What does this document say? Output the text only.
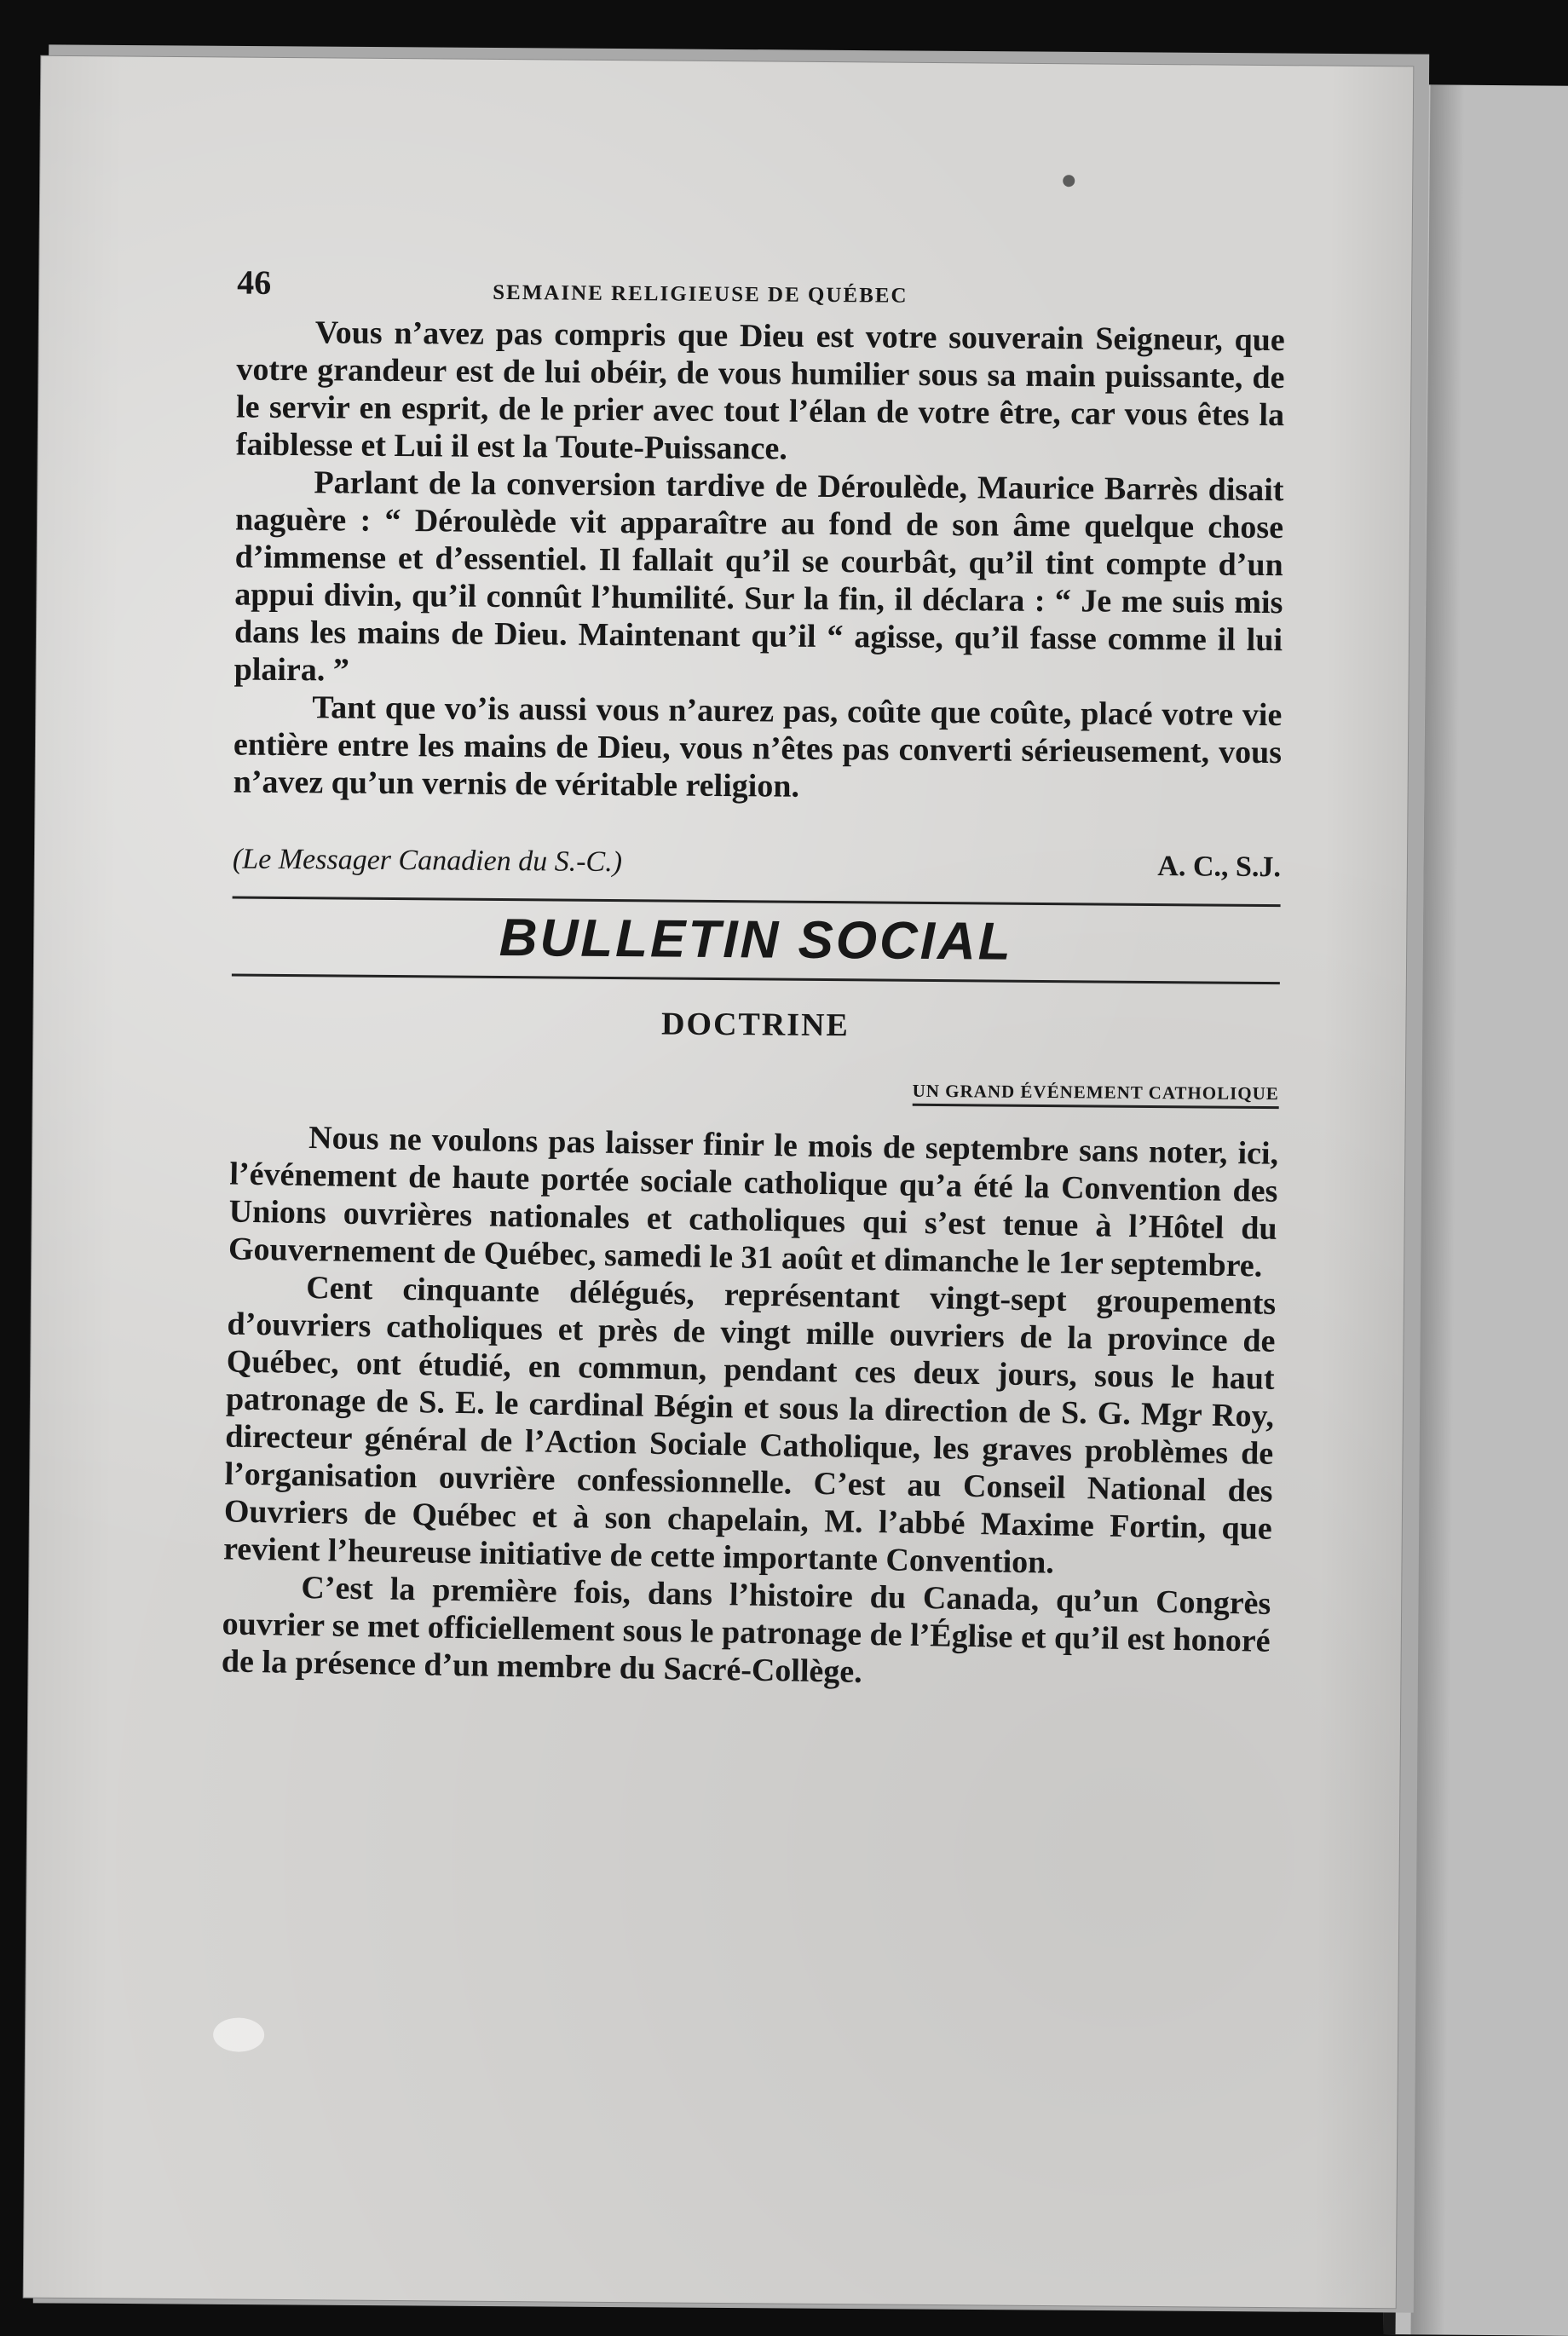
46	SEMAINE RELIGIEUSE DE QUÉBEC

Vous n’avez pas compris que Dieu est votre souverain Seigneur, que votre grandeur est de lui obéir, de vous humilier sous sa main puissante, de le servir en esprit, de le prier avec tout l’élan de votre être, car vous êtes la faiblesse et Lui il est la Toute-Puissance.

Parlant de la conversion tardive de Déroulède, Maurice Barrès disait naguère : “ Déroulède vit apparaître au fond de son âme quelque chose d’immense et d’essentiel. Il fallait qu’il se courbât, qu’il tint compte d’un appui divin, qu’il connût l’humilité. Sur la fin, il déclara : “ Je me suis mis dans les mains de Dieu. Maintenant qu’il “ agisse, qu’il fasse comme il lui plaira. ”

Tant que vo’is aussi vous n’aurez pas, coûte que coûte, placé votre vie entière entre les mains de Dieu, vous n’êtes pas converti sérieusement, vous n’avez qu’un vernis de véritable religion.

(Le Messager Canadien du S.-C.)	A. C., S.J.
BULLETIN SOCIAL
DOCTRINE
UN GRAND ÉVÉNEMENT CATHOLIQUE

Nous ne voulons pas laisser finir le mois de septembre sans noter, ici, l’événement de haute portée sociale catholique qu’a été la Convention des Unions ouvrières nationales et catholiques qui s’est tenue à l’Hôtel du Gouvernement de Québec, samedi le 31 août et dimanche le 1er septembre.

Cent cinquante délégués, représentant vingt-sept groupements d’ouvriers catholiques et près de vingt mille ouvriers de la province de Québec, ont étudié, en commun, pendant ces deux jours, sous le haut patronage de S. E. le cardinal Bégin et sous la direction de S. G. Mgr Roy, directeur général de l’Action Sociale Catholique, les graves problèmes de l’organisation ouvrière confessionnelle. C’est au Conseil National des Ouvriers de Québec et à son chapelain, M. l’abbé Maxime Fortin, que revient l’heureuse initiative de cette importante Convention.

C’est la première fois, dans l’histoire du Canada, qu’un Congrès ouvrier se met officiellement sous le patronage de l’Église et qu’il est honoré de la présence d’un membre du Sacré-Collège.
